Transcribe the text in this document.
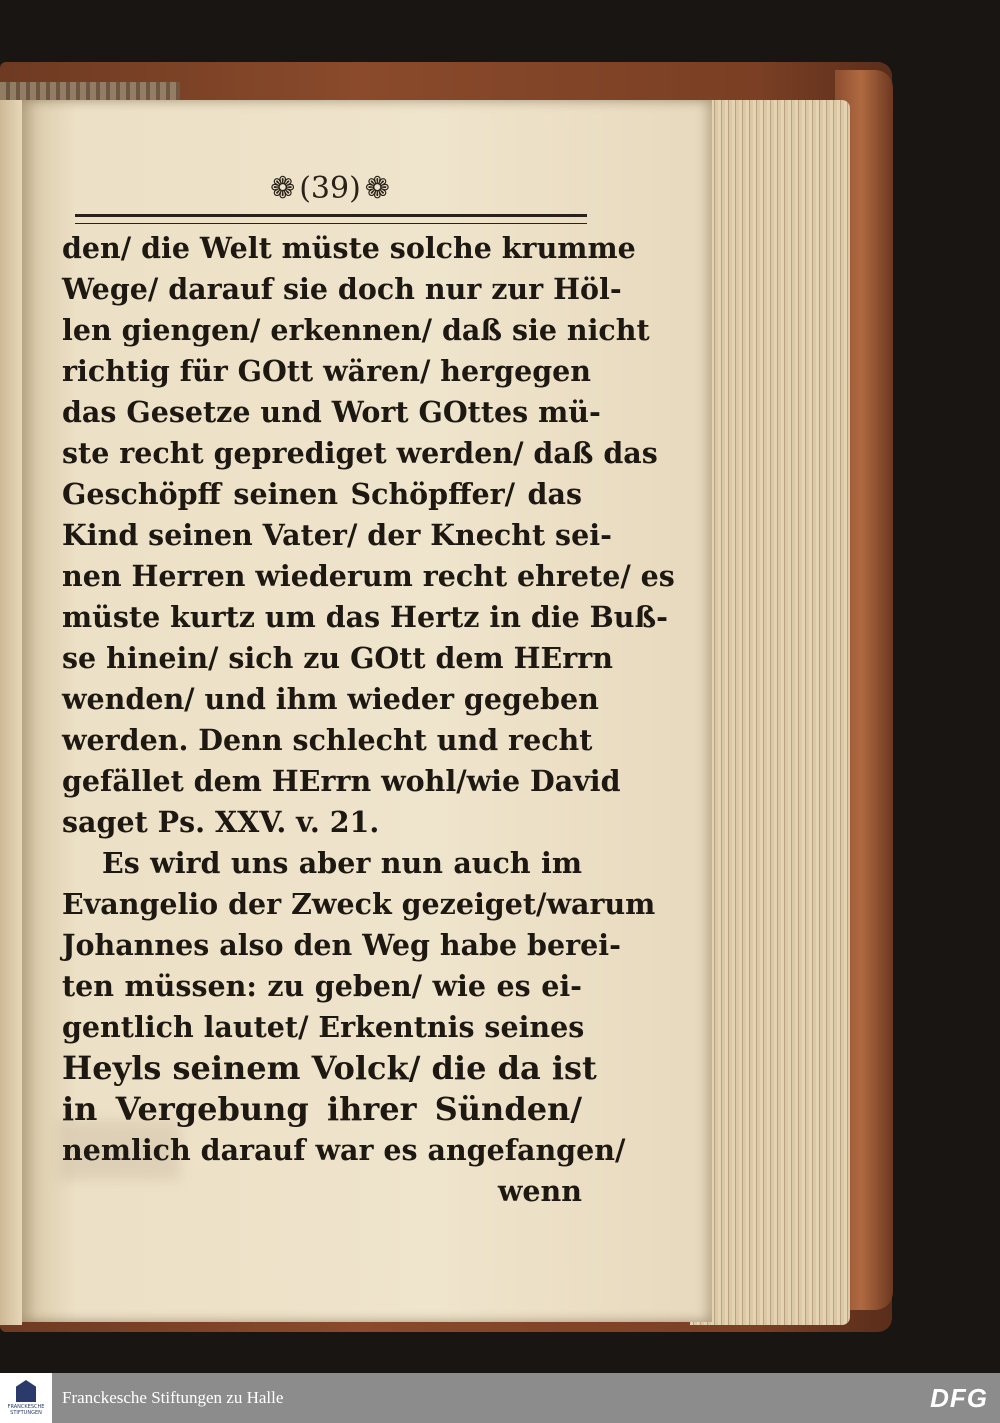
❁ (39) ❁
den/ die Welt müste solche krumme
Wege/ darauf sie doch nur zur Höl-
len giengen/ erkennen/ daß sie nicht
richtig für GOtt wären/ hergegen
das Gesetze und Wort GOttes mü-
ste recht geprediget werden/ daß das
Geschöpff seinen Schöpffer/ das
Kind seinen Vater/ der Knecht sei-
nen Herren wiederum recht ehrete/ es
müste kurtz um das Hertz in die Buß-
se hinein/ sich zu GOtt dem HErrn
wenden/ und ihm wieder gegeben
werden. Denn schlecht und recht
gefället dem HErrn wohl/wie David
saget Ps. XXV. v. 21.
Es wird uns aber nun auch im
Evangelio der Zweck gezeiget/warum
Johannes also den Weg habe berei-
ten müssen: zu geben/ wie es ei-
gentlich lautet/ Erkentnis seines
Heyls seinem Volck/ die da ist
in Vergebung ihrer Sünden/
nemlich darauf war es angefangen/
wenn
FRANCKESCHE STIFTUNGEN
Franckesche Stiftungen zu Halle	DFG
